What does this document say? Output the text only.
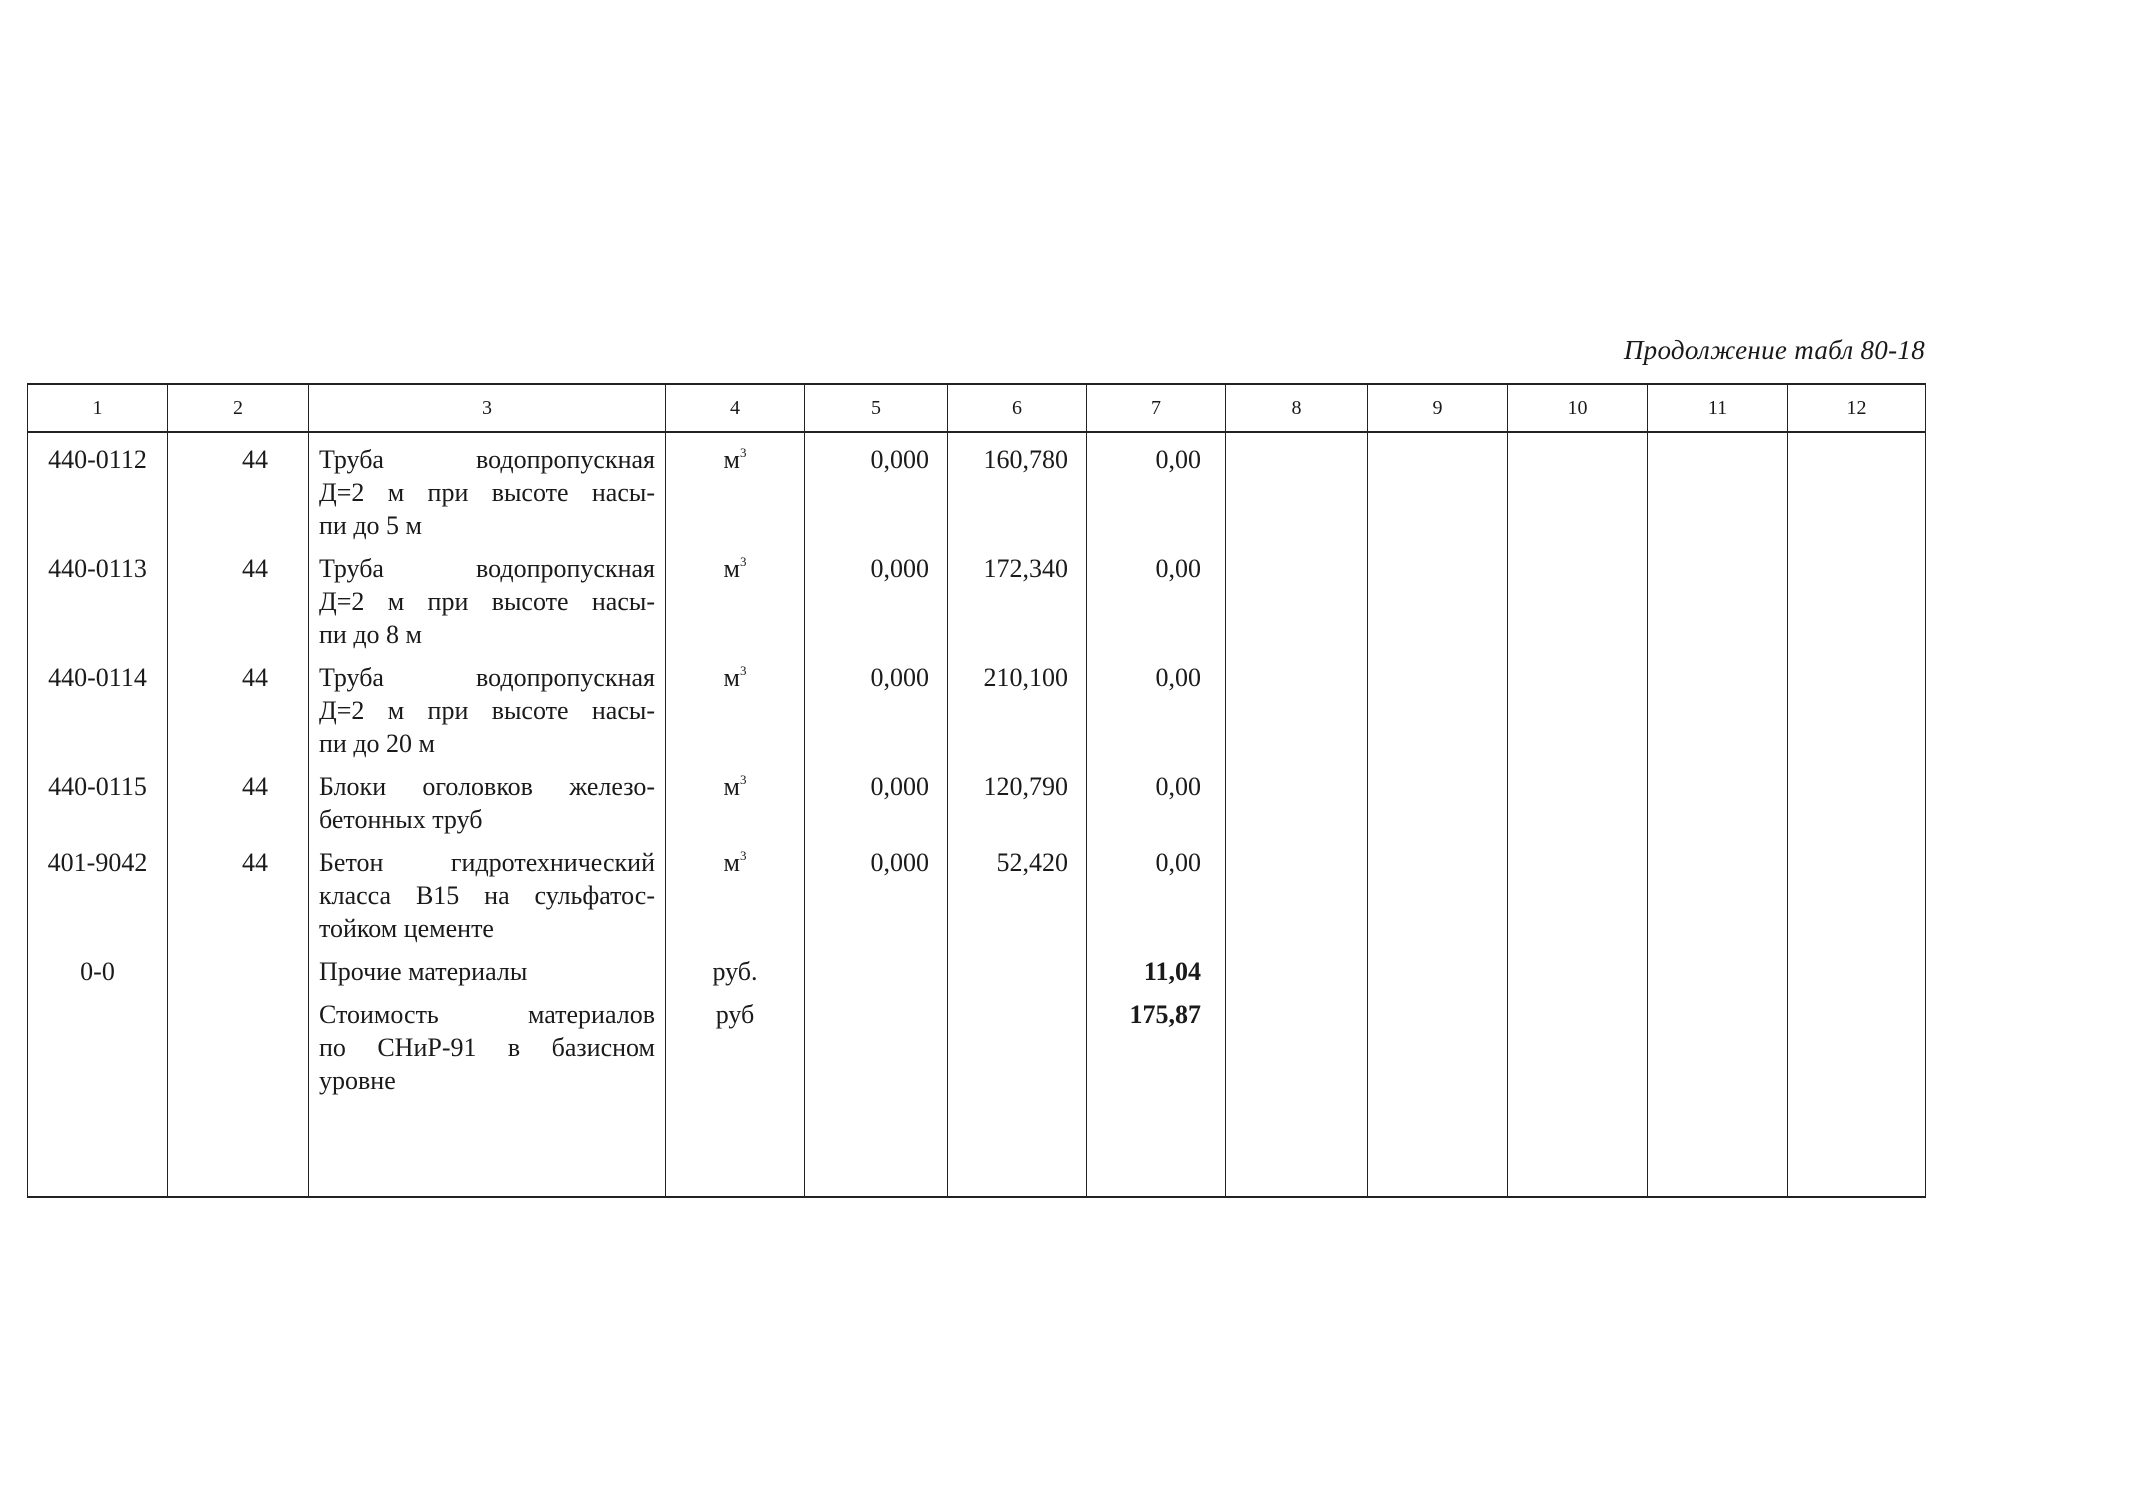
Продолжение табл 80-18
1	2	3	4	5	6	7	8	9	10	11	12
440-0112	44	Труба водопропускная
Д=2 м при высоте насы-
пи до 5 м	$м^3$	0,000	160,780	0,00					
440-0113	44	Труба водопропускная
Д=2 м при высоте насы-
пи до 8 м	$м^3$	0,000	172,340	0,00					
440-0114	44	Труба водопропускная
Д=2 м при высоте насы-
пи до 20 м	$м^3$	0,000	210,100	0,00					
440-0115	44	Блоки оголовков железо-
бетонных труб	$м^3$	0,000	120,790	0,00					
401-9042	44	Бетон гидротехнический
класса В15 на сульфатос-
тойком цементе	$м^3$	0,000	52,420	0,00					
0-0		Прочие материалы	руб.			11,04					

		Стоимость материалов
по СНиР-91 в базисном
уровне	руб			175,87					
